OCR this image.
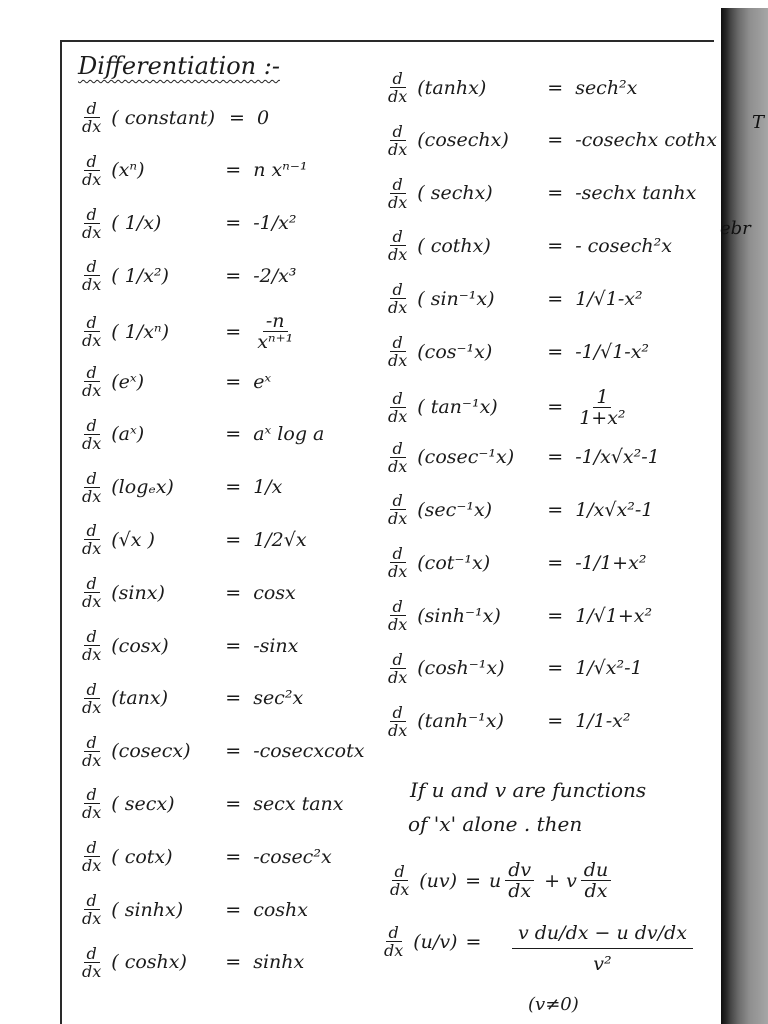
T
ebr
Differentiation :-
d
dx ( constant) = 0
d
dx (xⁿ)	= n xⁿ⁻¹
d
dx ( 1/x)	= -1/x²
d
dx ( 1/x²)	= -2/x³
d
dx ( 1/xⁿ)	= $\frac{-n}{\text{xⁿ⁺¹}}$
d
dx (eˣ)	= eˣ
d
dx (aˣ)	= aˣ log a
d
dx (logₑx)	= 1/x
d
dx (√x )	= 1/2√x
d
dx (sinx)	= cosx
d
dx (cosx)	= -sinx
d
dx (tanx)	= sec²x
d
dx (cosecx)	= -cosecxcotx
d
dx ( secx)	= secx tanx
d
dx ( cotx)	= -cosec²x
d
dx ( sinhx)	= coshx
d
dx ( coshx)	= sinhx
d
dx (tanhx)	= sech²x
d
dx (cosechx)	= -cosechx cothx
d
dx ( sechx)	= -sechx tanhx
d
dx ( cothx)	= - cosech²x
d
dx ( sin⁻¹x)	= 1/√1-x²
d
dx (cos⁻¹x)	= -1/√1-x²
d
dx ( tan⁻¹x)	= $\frac{1}{\text{1+x²}}$
d
dx (cosec⁻¹x)	= -1/x√x²-1
d
dx (sec⁻¹x)	= 1/x√x²-1
d
dx (cot⁻¹x)	= -1/1+x²
d
dx (sinh⁻¹x)	= 1/√1+x²
d
dx (cosh⁻¹x)	= 1/√x²-1
d
dx (tanh⁻¹x)	= 1/1-x²
If u and v are functions
of 'x' alone . then
d
dx (uv) = u $\frac{dv}{dx} + v \frac{du}{dx}$
d
dx $(u/v) = \frac{\text{v du/dx − u dv/dx}}{\text{v²}}$
(v≠0)
